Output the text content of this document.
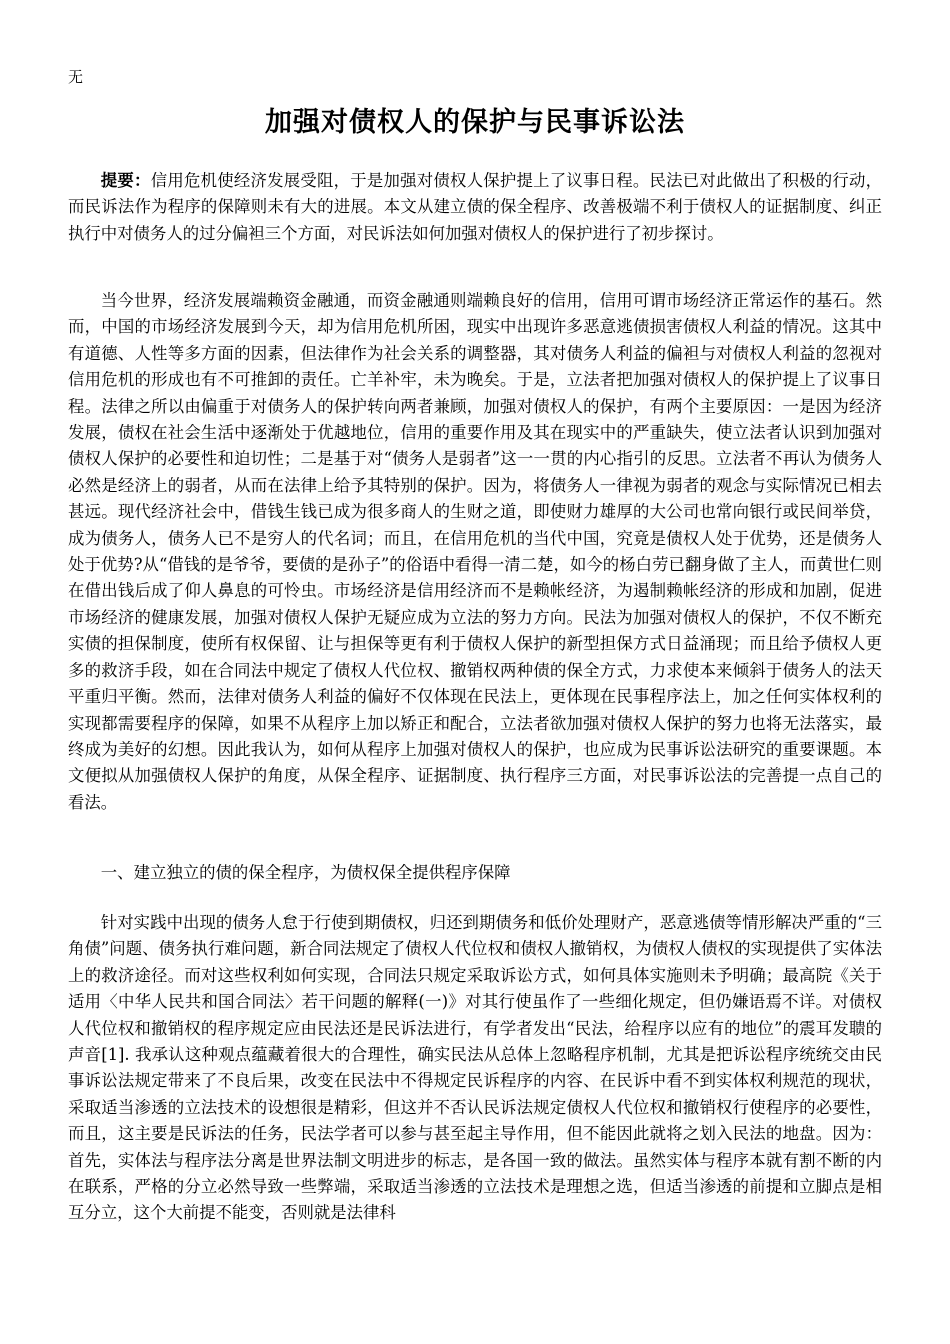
无
加强对债权人的保护与民事诉讼法

提要：信用危机使经济发展受阻，于是加强对债权人保护提上了议事日程。民法已对此做出了积极的行动，而民诉法作为程序的保障则未有大的进展。本文从建立债的保全程序、改善极端不利于债权人的证据制度、纠正执行中对债务人的过分偏袒三个方面，对民诉法如何加强对债权人的保护进行了初步探讨。

当今世界，经济发展端赖资金融通，而资金融通则端赖良好的信用，信用可谓市场经济正常运作的基石。然而，中国的市场经济发展到今天，却为信用危机所困，现实中出现许多恶意逃债损害债权人利益的情况。这其中有道德、人性等多方面的因素，但法律作为社会关系的调整器，其对债务人利益的偏袒与对债权人利益的忽视对信用危机的形成也有不可推卸的责任。亡羊补牢，未为晚矣。于是，立法者把加强对债权人的保护提上了议事日程。法律之所以由偏重于对债务人的保护转向两者兼顾，加强对债权人的保护，有两个主要原因：一是因为经济发展，债权在社会生活中逐渐处于优越地位，信用的重要作用及其在现实中的严重缺失，使立法者认识到加强对债权人保护的必要性和迫切性；二是基于对“债务人是弱者”这一一贯的内心指引的反思。立法者不再认为债务人必然是经济上的弱者，从而在法律上给予其特别的保护。因为，将债务人一律视为弱者的观念与实际情况已相去甚远。现代经济社会中，借钱生钱已成为很多商人的生财之道，即使财力雄厚的大公司也常向银行或民间举贷，成为债务人，债务人已不是穷人的代名词；而且，在信用危机的当代中国，究竟是债权人处于优势，还是债务人处于优势?从“借钱的是爷爷，要债的是孙子”的俗语中看得一清二楚，如今的杨白劳已翻身做了主人，而黄世仁则在借出钱后成了仰人鼻息的可怜虫。市场经济是信用经济而不是赖帐经济，为遏制赖帐经济的形成和加剧，促进市场经济的健康发展，加强对债权人保护无疑应成为立法的努力方向。民法为加强对债权人的保护，不仅不断充实债的担保制度，使所有权保留、让与担保等更有利于债权人保护的新型担保方式日益涌现；而且给予债权人更多的救济手段，如在合同法中规定了债权人代位权、撤销权两种债的保全方式，力求使本来倾斜于债务人的法天平重归平衡。然而，法律对债务人利益的偏好不仅体现在民法上，更体现在民事程序法上，加之任何实体权利的实现都需要程序的保障，如果不从程序上加以矫正和配合，立法者欲加强对债权人保护的努力也将无法落实，最终成为美好的幻想。因此我认为，如何从程序上加强对债权人的保护，也应成为民事诉讼法研究的重要课题。本文便拟从加强债权人保护的角度，从保全程序、证据制度、执行程序三方面，对民事诉讼法的完善提一点自己的看法。

一、建立独立的债的保全程序，为债权保全提供程序保障

针对实践中出现的债务人怠于行使到期债权，归还到期债务和低价处理财产，恶意逃债等情形解决严重的“三角债”问题、债务执行难问题，新合同法规定了债权人代位权和债权人撤销权，为债权人债权的实现提供了实体法上的救济途径。而对这些权利如何实现，合同法只规定采取诉讼方式，如何具体实施则未予明确；最高院《关于适用〈中华人民共和国合同法〉若干问题的解释(一)》对其行使虽作了一些细化规定，但仍嫌语焉不详。对债权人代位权和撤销权的程序规定应由民法还是民诉法进行，有学者发出“民法，给程序以应有的地位”的震耳发聩的声音[1]. 我承认这种观点蕴藏着很大的合理性，确实民法从总体上忽略程序机制，尤其是把诉讼程序统统交由民事诉讼法规定带来了不良后果，改变在民法中不得规定民诉程序的内容、在民诉中看不到实体权利规范的现状，采取适当渗透的立法技术的设想很是精彩，但这并不否认民诉法规定债权人代位权和撤销权行使程序的必要性，而且，这主要是民诉法的任务，民法学者可以参与甚至起主导作用，但不能因此就将之划入民法的地盘。因为：首先，实体法与程序法分离是世界法制文明进步的标志，是各国一致的做法。虽然实体与程序本就有割不断的内在联系，严格的分立必然导致一些弊端，采取适当渗透的立法技术是理想之选，但适当渗透的前提和立脚点是相互分立，这个大前提不能变，否则就是法律科
